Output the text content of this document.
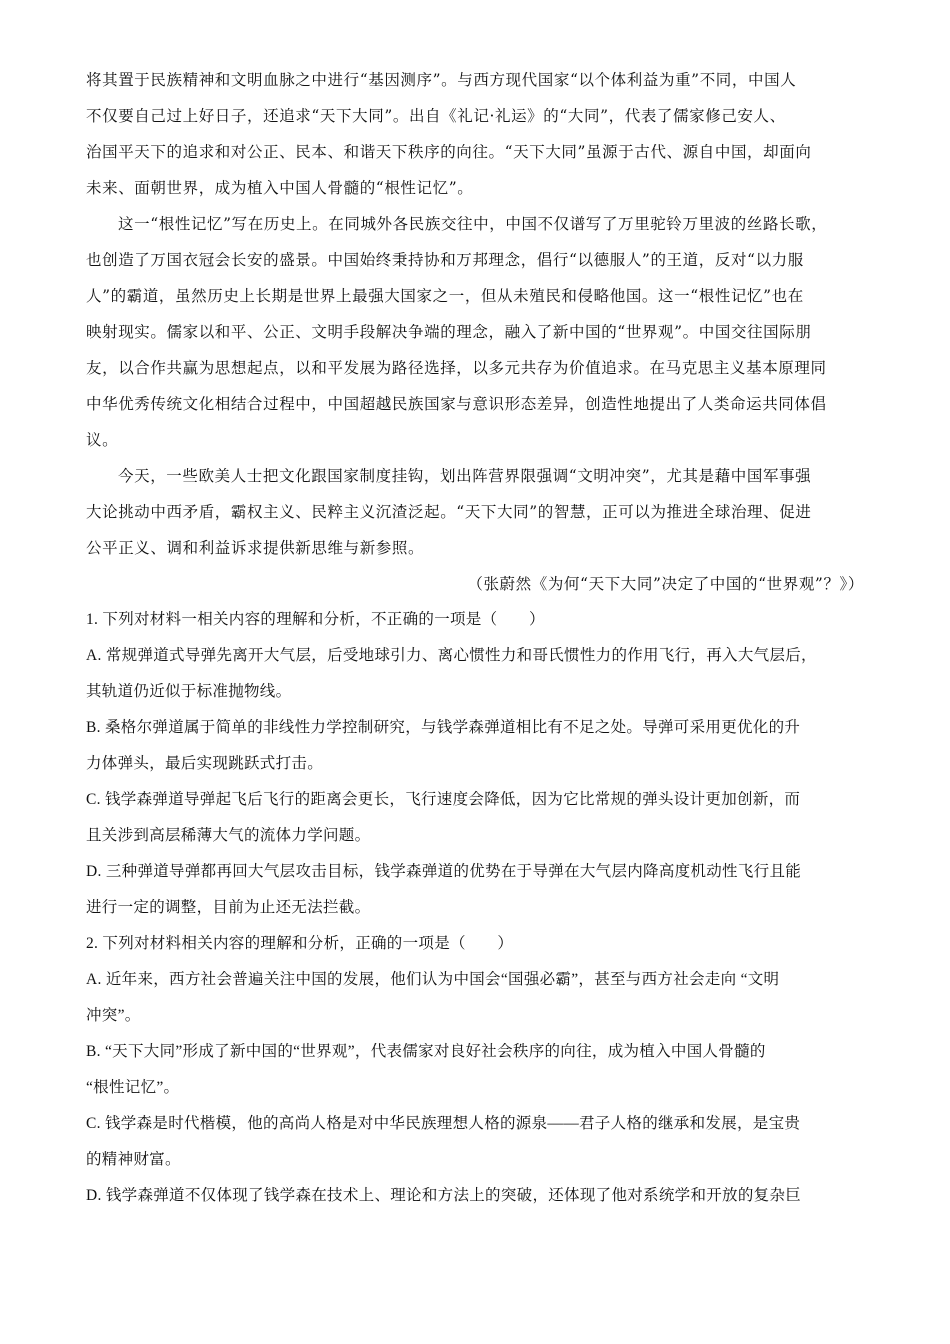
将其置于民族精神和文明血脉之中进行“基因测序”。与西方现代国家“以个体利益为重”不同，中国人
不仅要自己过上好日子，还追求“天下大同”。出自《礼记·礼运》的“大同”，代表了儒家修己安人、
治国平天下的追求和对公正、民本、和谐天下秩序的向往。“天下大同”虽源于古代、源自中国，却面向
未来、面朝世界，成为植入中国人骨髓的“根性记忆”。
这一“根性记忆”写在历史上。在同城外各民族交往中，中国不仅谱写了万里驼铃万里波的丝路长歌，
也创造了万国衣冠会长安的盛景。中国始终秉持协和万邦理念，倡行“以德服人”的王道，反对“以力服
人”的霸道，虽然历史上长期是世界上最强大国家之一，但从未殖民和侵略他国。这一“根性记忆”也在
映射现实。儒家以和平、公正、文明手段解决争端的理念，融入了新中国的“世界观”。中国交往国际朋
友，以合作共赢为思想起点，以和平发展为路径选择，以多元共存为价值追求。在马克思主义基本原理同
中华优秀传统文化相结合过程中，中国超越民族国家与意识形态差异，创造性地提出了人类命运共同体倡
议。
今天，一些欧美人士把文化跟国家制度挂钩，划出阵营界限强调“文明冲突”，尤其是藉中国军事强
大论挑动中西矛盾，霸权主义、民粹主义沉渣泛起。“天下大同”的智慧，正可以为推进全球治理、促进
公平正义、调和利益诉求提供新思维与新参照。
（张蔚然《为何“天下大同”决定了中国的“世界观”？》）
1. 下列对材料一相关内容的理解和分析，不正确的一项是（　　）
A. 常规弹道式导弹先离开大气层，后受地球引力、离心惯性力和哥氏惯性力的作用飞行，再入大气层后，
其轨道仍近似于标准抛物线。
B. 桑格尔弹道属于简单的非线性力学控制研究，与钱学森弹道相比有不足之处。导弹可采用更优化的升
力体弹头，最后实现跳跃式打击。
C. 钱学森弹道导弹起飞后飞行的距离会更长，飞行速度会降低，因为它比常规的弹头设计更加创新，而
且关涉到高层稀薄大气的流体力学问题。
D. 三种弹道导弹都再回大气层攻击目标，钱学森弹道的优势在于导弹在大气层内降高度机动性飞行且能
进行一定的调整，目前为止还无法拦截。
2. 下列对材料相关内容的理解和分析，正确的一项是（　　）
A. 近年来，西方社会普遍关注中国的发展，他们认为中国会“国强必霸”，甚至与西方社会走向 “文明
冲突”。
B. “天下大同”形成了新中国的“世界观”，代表儒家对良好社会秩序的向往，成为植入中国人骨髓的
“根性记忆”。
C. 钱学森是时代楷模，他的高尚人格是对中华民族理想人格的源泉——君子人格的继承和发展，是宝贵
的精神财富。
D. 钱学森弹道不仅体现了钱学森在技术上、理论和方法上的突破，还体现了他对系统学和开放的复杂巨
